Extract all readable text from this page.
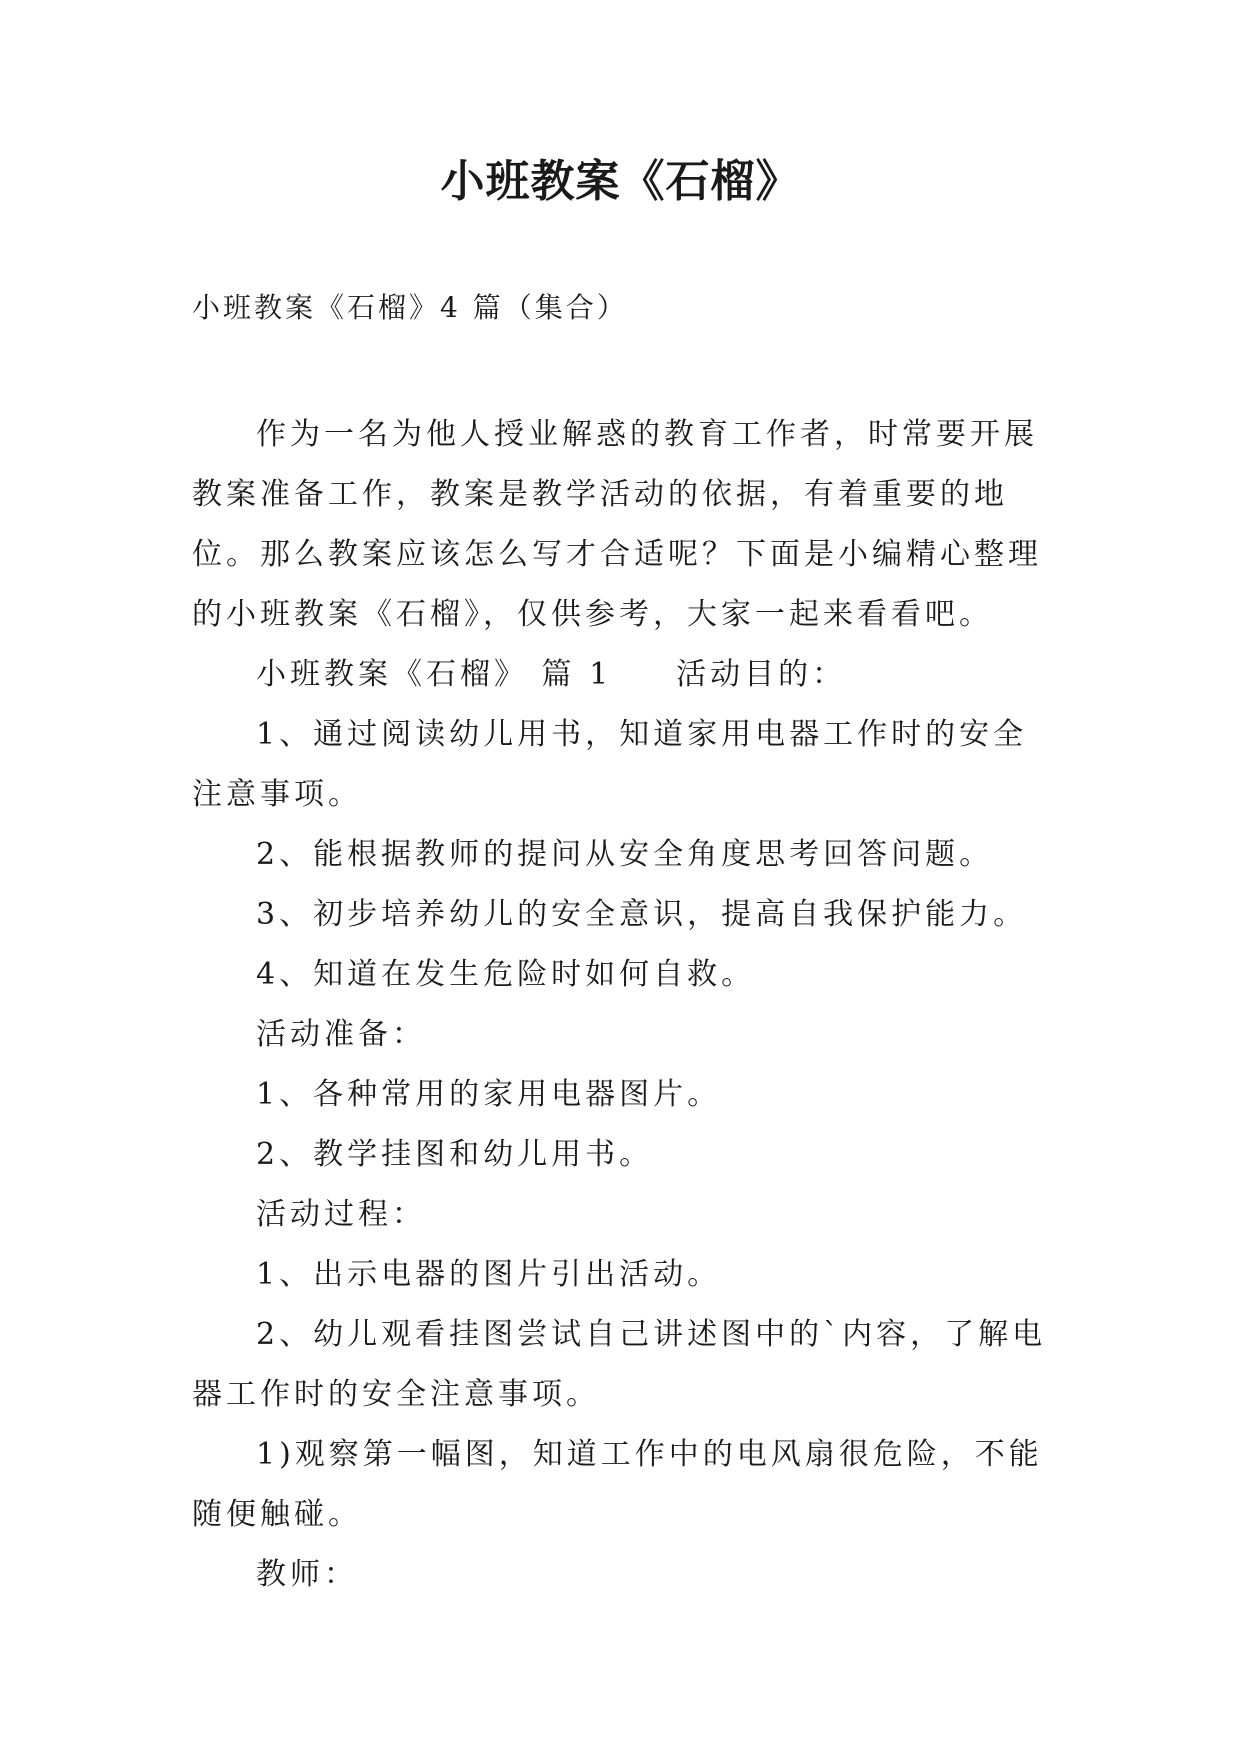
小班教案《石榴》
小班教案《石榴》4 篇（集合）

作为一名为他人授业解惑的教育工作者，时常要开展教案准备工作，教案是教学活动的依据，有着重要的地位。那么教案应该怎么写才合适呢？下面是小编精心整理的小班教案《石榴》，仅供参考，大家一起来看看吧。

小班教案《石榴》 篇 1 活动目的：

1、通过阅读幼儿用书，知道家用电器工作时的安全注意事项。

2、能根据教师的提问从安全角度思考回答问题。

3、初步培养幼儿的安全意识，提高自我保护能力。

4、知道在发生危险时如何自救。

活动准备：

1、各种常用的家用电器图片。

2、教学挂图和幼儿用书。

活动过程：

1、出示电器的图片引出活动。

2、幼儿观看挂图尝试自己讲述图中的`内容，了解电器工作时的安全注意事项。

1)观察第一幅图，知道工作中的电风扇很危险，不能随便触碰。

教师：
